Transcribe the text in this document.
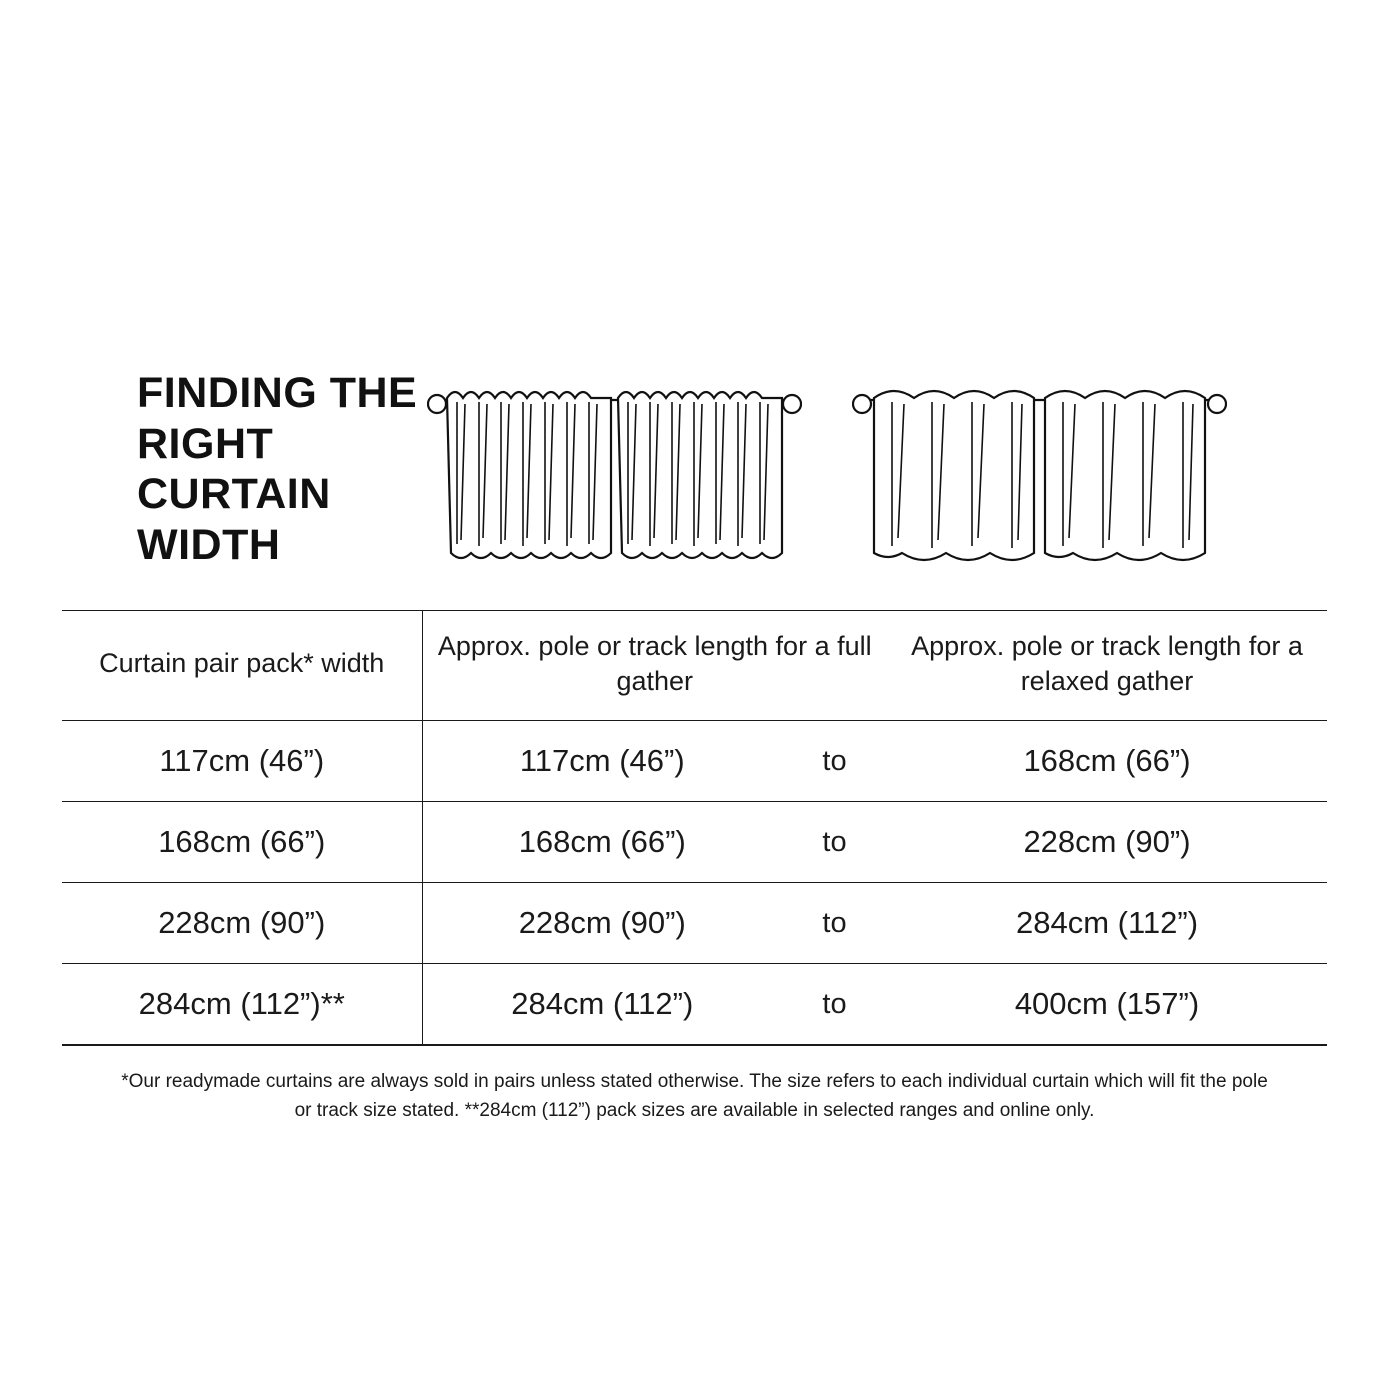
FINDING THE RIGHT CURTAIN WIDTH
Curtain pair pack* width	Approx. pole or track length for a full gather		Approx. pole or track length for a relaxed gather
117cm (46”)	117cm (46”)	to	168cm (66”)
168cm (66”)	168cm (66”)	to	228cm (90”)
228cm (90”)	228cm (90”)	to	284cm (112”)
284cm (112”)**	284cm (112”)	to	400cm (157”)
*Our readymade curtains are always sold in pairs unless stated otherwise. The size refers to each individual curtain which will fit the pole or track size stated. **284cm (112”) pack sizes are available in selected ranges and online only.
